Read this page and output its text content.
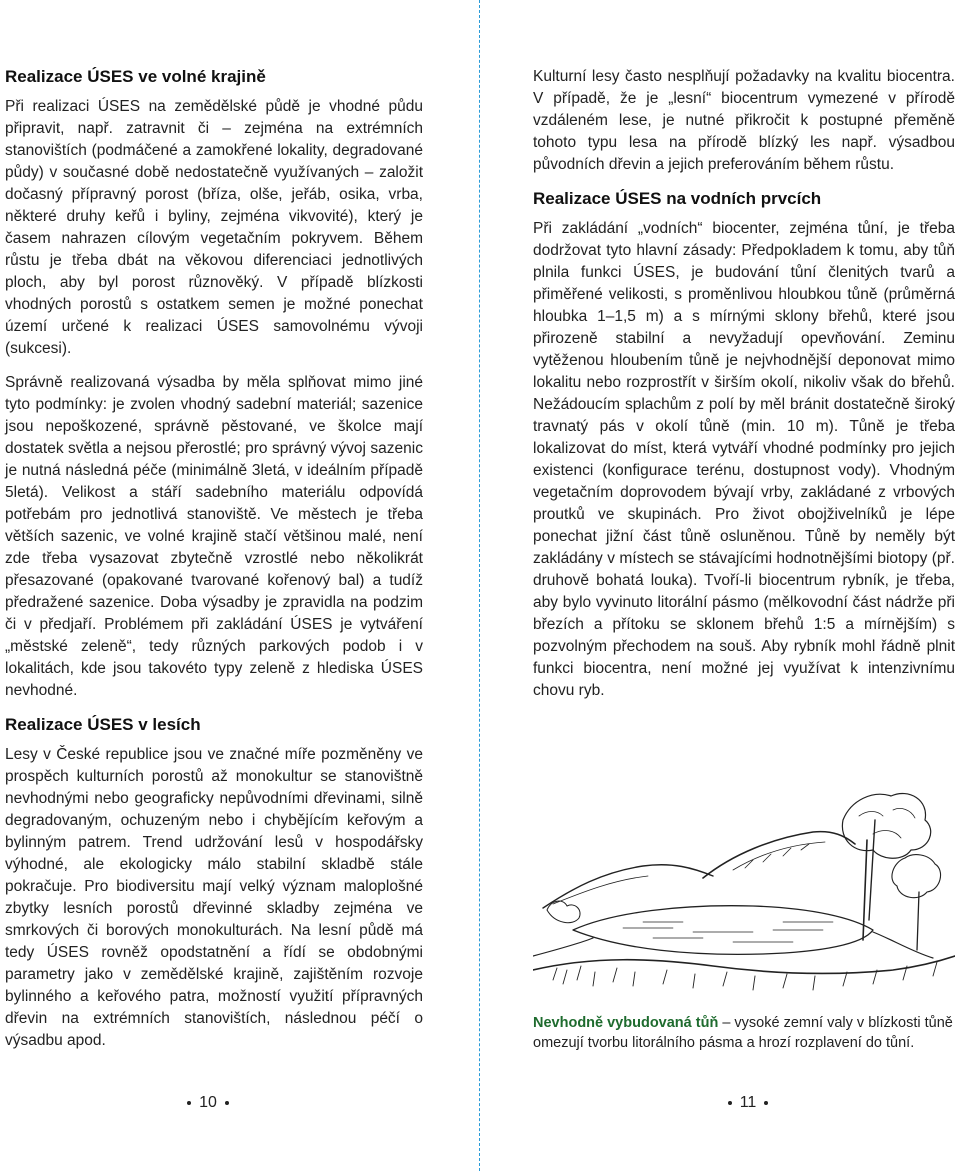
Realizace ÚSES ve volné krajině

Při realizaci ÚSES na zemědělské půdě je vhodné půdu připravit, např. zatravnit či – zejména na extrémních stanovištích (podmáčené a zamokřené lokality, degradované půdy) v současné době nedostatečně využívaných – založit dočasný přípravný porost (bříza, olše, jeřáb, osika, vrba, některé druhy keřů i byliny, zejména vikvovité), který je časem nahrazen cílovým vegetačním pokryvem. Během růstu je třeba dbát na věkovou diferenciaci jednotlivých ploch, aby byl porost různověký. V případě blízkosti vhodných porostů s ostatkem semen je možné ponechat území určené k realizaci ÚSES samovolnému vývoji (sukcesi).

Správně realizovaná výsadba by měla splňovat mimo jiné tyto podmínky: je zvolen vhodný sadební materiál; sazenice jsou nepoškozené, správně pěstované, ve školce mají dostatek světla a nejsou přerostlé; pro správný vývoj sazenic je nutná následná péče (minimálně 3letá, v ideálním případě 5letá). Velikost a stáří sadebního materiálu odpovídá potřebám pro jednotlivá stanoviště. Ve městech je třeba větších sazenic, ve volné krajině stačí většinou malé, není zde třeba vysazovat zbytečně vzrostlé nebo několikrát přesazované (opakované tvarované kořenový bal) a tudíž předražené sazenice. Doba výsadby je zpravidla na podzim či v předjaří. Problémem při zakládání ÚSES je vytváření „městské zeleně“, tedy různých parkových podob i v lokalitách, kde jsou takovéto typy zeleně z hlediska ÚSES nevhodné.

Realizace ÚSES v lesích

Lesy v České republice jsou ve značné míře pozměněny ve prospěch kulturních porostů až monokultur se stanovištně nevhodnými nebo geograficky nepůvodními dřevinami, silně degradovaným, ochuzeným nebo i chybějícím keřovým a bylinným patrem. Trend udržování lesů v hospodářsky výhodné, ale ekologicky málo stabilní skladbě stále pokračuje. Pro biodiversitu mají velký význam maloplošné zbytky lesních porostů dřevinné skladby zejména ve smrkových či borových monokulturách. Na lesní půdě má tedy ÚSES rovněž opodstatnění a řídí se obdobnými parametry jako v zemědělské krajině, zajištěním rozvoje bylinného a keřového patra, možností využití přípravných dřevin na extrémních stanovištích, následnou péčí o výsadbu apod.

Kulturní lesy často nesplňují požadavky na kvalitu biocentra. V případě, že je „lesní“ biocentrum vymezené v přírodě vzdáleném lese, je nutné přikročit k postupné přeměně tohoto typu lesa na přírodě blízký les např. výsadbou původních dřevin a jejich preferováním během růstu.

Realizace ÚSES na vodních prvcích

Při zakládání „vodních“ biocenter, zejména tůní, je třeba dodržovat tyto hlavní zásady: Předpokladem k tomu, aby tůň plnila funkci ÚSES, je budování tůní členitých tvarů a přiměřené velikosti, s proměnlivou hloubkou tůně (průměrná hloubka 1–1,5 m) a s mírnými sklony břehů, které jsou přirozeně stabilní a nevyžadují opevňování. Zeminu vytěženou hloubením tůně je nejvhodnější deponovat mimo lokalitu nebo rozprostřít v širším okolí, nikoliv však do břehů. Nežádoucím splachům z polí by měl bránit dostatečně široký travnatý pás v okolí tůně (min. 10 m). Tůně je třeba lokalizovat do míst, která vytváří vhodné podmínky pro jejich existenci (konfigurace terénu, dostupnost vody). Vhodným vegetačním doprovodem bývají vrby, zakládané z vrbových proutků ve skupinách. Pro život obojživelníků je lépe ponechat jižní část tůně osluněnou. Tůně by neměly být zakládány v místech se stávajícími hodnotnějšími biotopy (př. druhově bohatá louka). Tvoří-li biocentrum rybník, je třeba, aby bylo vyvinuto litorální pásmo (mělkovodní část nádrže při březích a přítoku se sklonem břehů 1:5 a mírnějším) s pozvolným přechodem na souš. Aby rybník mohl řádně plnit funkci biocentra, není možné jej využívat k intenzivnímu chovu ryb.

Nevhodně vybudovaná tůň – vysoké zemní valy v blízkosti tůně omezují tvorbu litorálního pásma a hrozí rozplavení do tůní.
10	11
